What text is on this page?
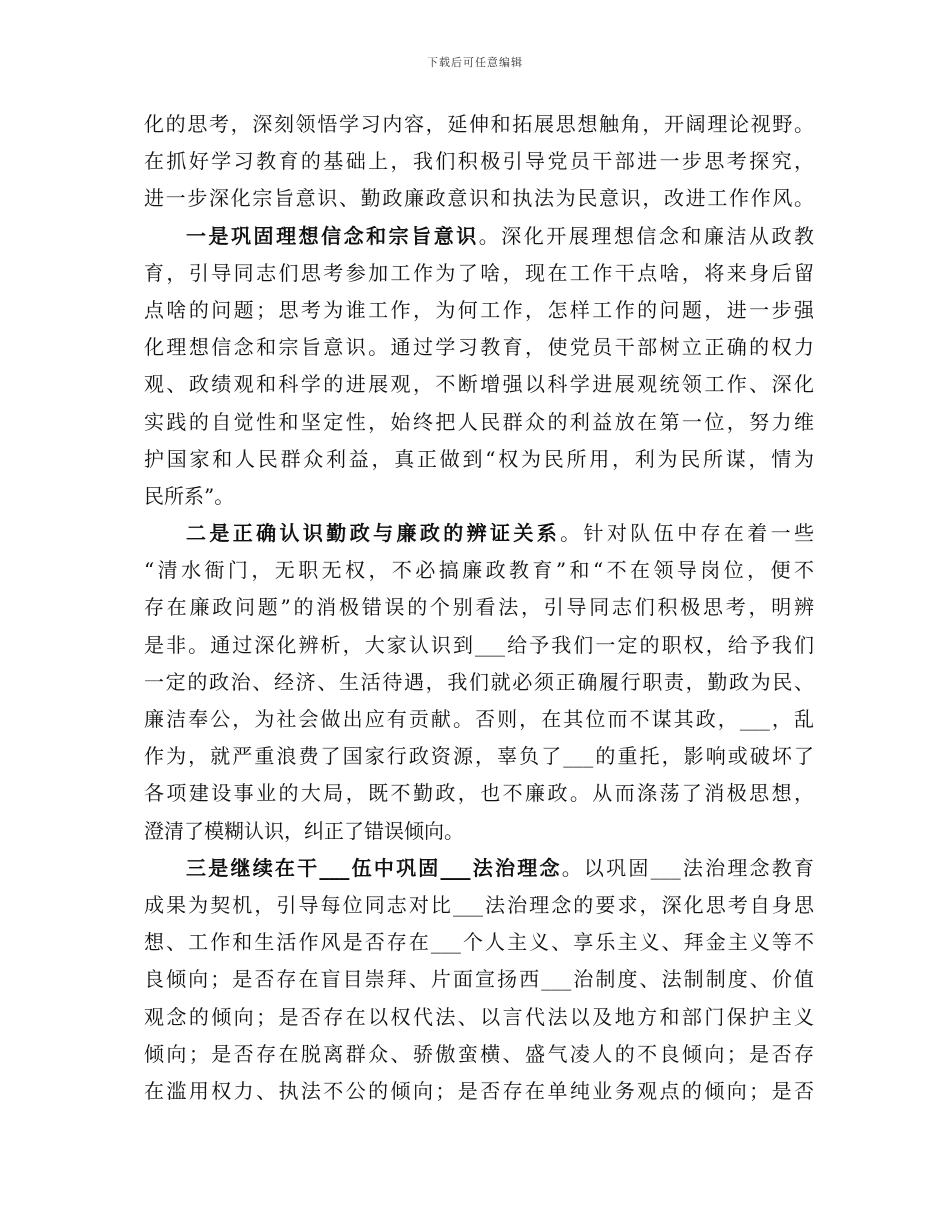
下载后可任意编辑
化的思考，深刻领悟学习内容，延伸和拓展思想触角，开阔理论视野。
在抓好学习教育的基础上，我们积极引导党员干部进一步思考探究，
进一步深化宗旨意识、勤政廉政意识和执法为民意识，改进工作作风。
一是巩固理想信念和宗旨意识。深化开展理想信念和廉洁从政教
育，引导同志们思考参加工作为了啥，现在工作干点啥，将来身后留
点啥的问题；思考为谁工作，为何工作，怎样工作的问题，进一步强
化理想信念和宗旨意识。通过学习教育，使党员干部树立正确的权力
观、政绩观和科学的进展观，不断增强以科学进展观统领工作、深化
实践的自觉性和坚定性，始终把人民群众的利益放在第一位，努力维
护国家和人民群众利益，真正做到“权为民所用，利为民所谋，情为
民所系”。
二是正确认识勤政与廉政的辨证关系。针对队伍中存在着一些
“清水衙门，无职无权，不必搞廉政教育”和“不在领导岗位，便不
存在廉政问题”的消极错误的个别看法，引导同志们积极思考，明辨
是非。通过深化辨析，大家认识到___给予我们一定的职权，给予我们
一定的政治、经济、生活待遇，我们就必须正确履行职责，勤政为民、
廉洁奉公，为社会做出应有贡献。否则，在其位而不谋其政，___，乱
作为，就严重浪费了国家行政资源，辜负了___的重托，影响或破坏了
各项建设事业的大局，既不勤政，也不廉政。从而涤荡了消极思想，
澄清了模糊认识，纠正了错误倾向。
三是继续在干___伍中巩固___法治理念。以巩固___法治理念教育
成果为契机，引导每位同志对比___法治理念的要求，深化思考自身思
想、工作和生活作风是否存在___个人主义、享乐主义、拜金主义等不
良倾向；是否存在盲目崇拜、片面宣扬西___治制度、法制制度、价值
观念的倾向；是否存在以权代法、以言代法以及地方和部门保护主义
倾向；是否存在脱离群众、骄傲蛮横、盛气凌人的不良倾向；是否存
在滥用权力、执法不公的倾向；是否存在单纯业务观点的倾向；是否
